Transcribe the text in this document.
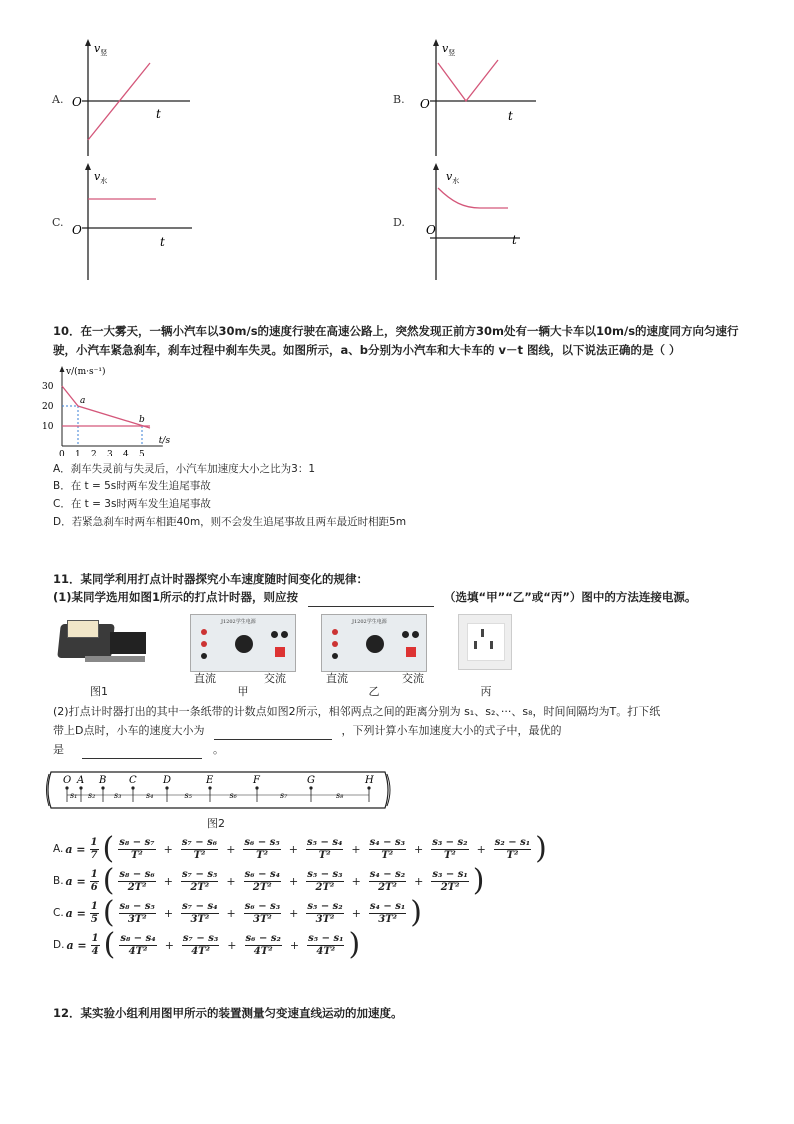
A.
$v_竖$
O
t
B.
$v_竖$
O
t
C.
$v_水$
O
t
D.
$v_水$
O
t
10．在一大雾天，一辆小汽车以30m/s的速度行驶在高速公路上，突然发现正前方30m处有一辆大卡车以10m/s的速度同方向匀速行
驶，小汽车紧急刹车，刹车过程中刹车失灵。如图所示，a、b分别为小汽车和大卡车的 v－t 图线，以下说法正确的是（ ）
v/(m·s⁻¹)
t/s
0 1 2 3 4 5
10
20
30
a
b
A．刹车失灵前与失灵后，小汽车加速度大小之比为3：1
B．在 t = 5s时两车发生追尾事故
C．在 t = 3s时两车发生追尾事故
D．若紧急刹车时两车相距40m，则不会发生追尾事故且两车最近时相距5m
11．某同学利用打点计时器探究小车速度随时间变化的规律：
(1)某同学选用如图1所示的打点计时器，则应按	（选填“甲”“乙”或“丙”）图中的方法连接电源。
图1
J1202学生电源
直流	交流
甲
J1202学生电源
直流	交流
乙	丙
(2)打点计时器打出的其中一条纸带的计数点如图2所示，相邻两点之间的距离分别为 s₁、s₂、···、s₈，时间间隔均为T。打下纸
带上D点时，小车的速度大小为	，下列计算小车加速度大小的式子中，最优的
是	。
O A B C	D	E	F	G	H
s₁ s₂ s₃	s₄	s₅	s₆	s₇	s₈
图2
A. $a = \frac{1}{7}$ ( $\frac{\text{s₈ − s₇}}{\text{T²}} + \frac{\text{s₇ − s₆}}{\text{T²}} + \frac{\text{s₆ − s₅}}{\text{T²}} + \frac{\text{s₅ − s₄}}{\text{T²}} + \frac{\text{s₄ − s₃}}{\text{T²}} + \frac{\text{s₃ − s₂}}{\text{T²}} + \frac{\text{s₂ − s₁}}{\text{T²}}$ )
B. $a = \frac{1}{6}$ ( $\frac{\text{s₈ − s₆}}{\text{2T²}} + \frac{\text{s₇ − s₅}}{\text{2T²}} + \frac{\text{s₆ − s₄}}{\text{2T²}} + \frac{\text{s₅ − s₃}}{\text{2T²}} + \frac{\text{s₄ − s₂}}{\text{2T²}} + \frac{\text{s₃ − s₁}}{\text{2T²}}$ )
C. $a = \frac{1}{5}$ ( $\frac{\text{s₈ − s₅}}{\text{3T²}} + \frac{\text{s₇ − s₄}}{\text{3T²}} + \frac{\text{s₆ − s₃}}{\text{3T²}} + \frac{\text{s₅ − s₂}}{\text{3T²}} + \frac{\text{s₄ − s₁}}{\text{3T²}}$ )
D. $a = \frac{1}{4}$ ( $\frac{\text{s₈ − s₄}}{\text{4T²}} + \frac{\text{s₇ − s₃}}{\text{4T²}} + \frac{\text{s₆ − s₂}}{\text{4T²}} + \frac{\text{s₅ − s₁}}{\text{4T²}}$ )
12．某实验小组利用图甲所示的装置测量匀变速直线运动的加速度。
